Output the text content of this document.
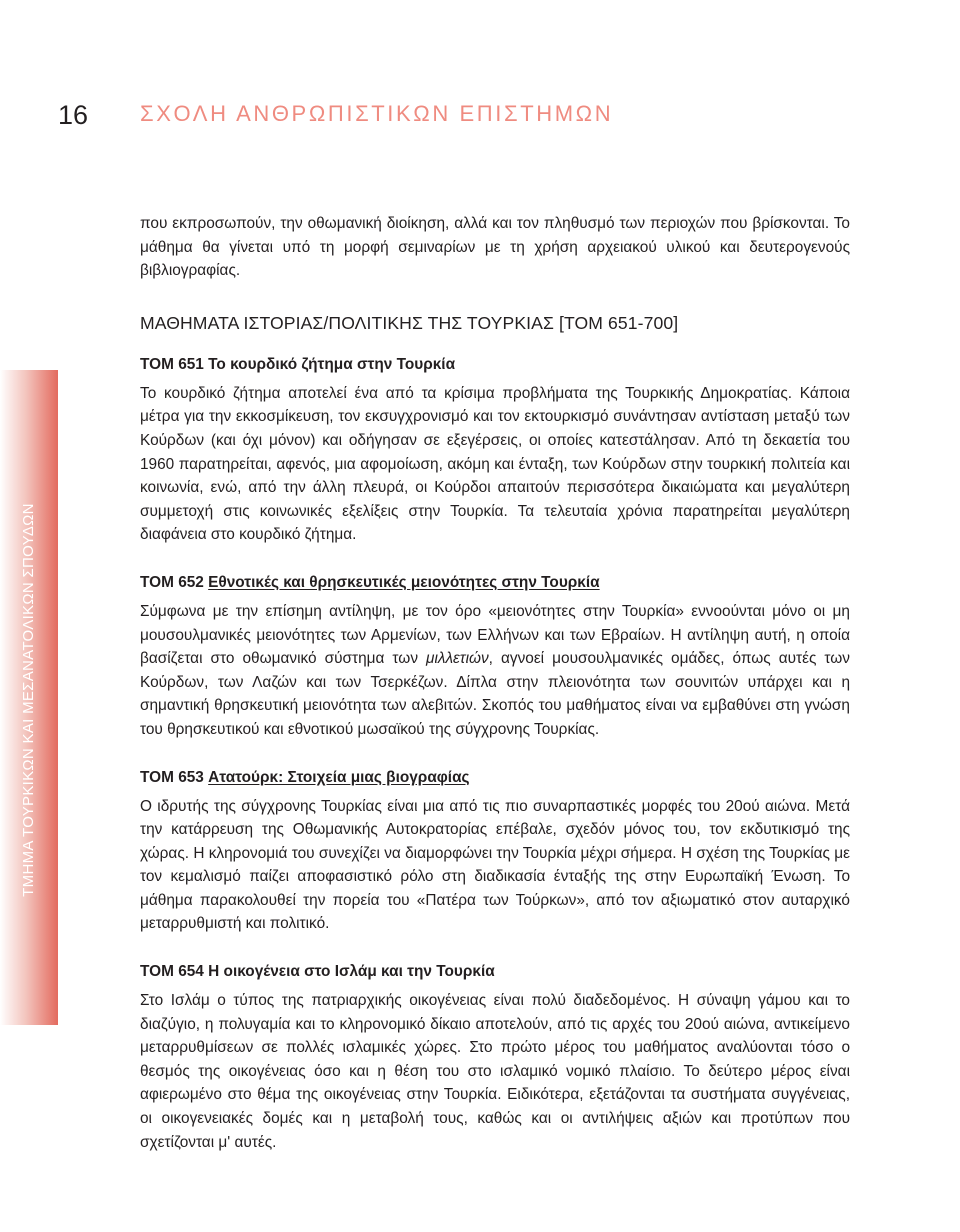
16 ΣΧΟΛΗ ΑΝΘΡΩΠΙΣΤΙΚΩΝ ΕΠΙΣΤΗΜΩΝ
ΤΜΗΜΑ ΤΟΥΡΚΙΚΩΝ ΚΑΙ ΜΕΣΑΝΑΤΟΛΙΚΩΝ ΣΠΟΥΔΩΝ

που εκπροσωπούν, την οθωμανική διοίκηση, αλλά και τον πληθυσμό των περιοχών που βρίσκονται. Το μάθημα θα γίνεται υπό τη μορφή σεμιναρίων με τη χρήση αρχειακού υλικού και δευτερογενούς βιβλιογραφίας.

ΜΑΘΗΜΑΤΑ ΙΣΤΟΡΙΑΣ/ΠΟΛΙΤΙΚΗΣ ΤΗΣ ΤΟΥΡΚΙΑΣ [ΤΟΜ 651-700]
ΤΟΜ 651 Το κουρδικό ζήτημα στην Τουρκία

Το κουρδικό ζήτημα αποτελεί ένα από τα κρίσιμα προβλήματα της Τουρκικής Δημοκρατίας. Κάποια μέτρα για την εκκοσμίκευση, τον εκσυγχρονισμό και τον εκτουρκισμό συνάντησαν αντίσταση μεταξύ των Κούρδων (και όχι μόνον) και οδήγησαν σε εξεγέρσεις, οι οποίες κατεστάλησαν. Από τη δεκαετία του 1960 παρατηρείται, αφενός, μια αφομοίωση, ακόμη και ένταξη, των Κούρδων στην τουρκική πολιτεία και κοινωνία, ενώ, από την άλλη πλευρά, οι Κούρδοι απαιτούν περισσότερα δικαιώματα και μεγαλύτερη συμμετοχή στις κοινωνικές εξελίξεις στην Τουρκία. Τα τελευταία χρόνια παρατηρείται μεγαλύτερη διαφάνεια στο κουρδικό ζήτημα.

ΤΟΜ 652 Εθνοτικές και θρησκευτικές μειονότητες στην Τουρκία

Σύμφωνα με την επίσημη αντίληψη, με τον όρο «μειονότητες στην Τουρκία» εννοούνται μόνο οι μη μουσουλμανικές μειονότητες των Αρμενίων, των Ελλήνων και των Εβραίων. Η αντίληψη αυτή, η οποία βασίζεται στο οθωμανικό σύστημα των μιλλετιών, αγνοεί μουσουλμανικές ομάδες, όπως αυτές των Κούρδων, των Λαζών και των Τσερκέζων. Δίπλα στην πλειονότητα των σουνιτών υπάρχει και η σημαντική θρησκευτική μειονότητα των αλεβιτών. Σκοπός του μαθήματος είναι να εμβαθύνει στη γνώση του θρησκευτικού και εθνοτικού μωσαϊκού της σύγχρονης Τουρκίας.

ΤΟΜ 653 Ατατούρκ: Στοιχεία μιας βιογραφίας

Ο ιδρυτής της σύγχρονης Τουρκίας είναι μια από τις πιο συναρπαστικές μορφές του 20ού αιώνα. Μετά την κατάρρευση της Οθωμανικής Αυτοκρατορίας επέβαλε, σχεδόν μόνος του, τον εκδυτικισμό της χώρας. Η κληρονομιά του συνεχίζει να διαμορφώνει την Τουρκία μέχρι σήμερα. Η σχέση της Τουρκίας με τον κεμαλισμό παίζει αποφασιστικό ρόλο στη διαδικασία ένταξής της στην Ευρωπαϊκή Ένωση. Το μάθημα παρακολουθεί την πορεία του «Πατέρα των Τούρκων», από τον αξιωματικό στον αυταρχικό μεταρρυθμιστή και πολιτικό.

ΤΟΜ 654 Η οικογένεια στο Ισλάμ και την Τουρκία

Στο Ισλάμ ο τύπος της πατριαρχικής οικογένειας είναι πολύ διαδεδομένος. Η σύναψη γάμου και το διαζύγιο, η πολυγαμία και το κληρονομικό δίκαιο αποτελούν, από τις αρχές του 20ού αιώνα, αντικείμενο μεταρρυθμίσεων σε πολλές ισλαμικές χώρες. Στο πρώτο μέρος του μαθήματος αναλύονται τόσο ο θεσμός της οικογένειας όσο και η θέση του στο ισλαμικό νομικό πλαίσιο. Το δεύτερο μέρος είναι αφιερωμένο στο θέμα της οικογένειας στην Τουρκία. Ειδικότερα, εξετάζονται τα συστήματα συγγένειας, οι οικογενειακές δομές και η μεταβολή τους, καθώς και οι αντιλήψεις αξιών και προτύπων που σχετίζονται μ' αυτές.
